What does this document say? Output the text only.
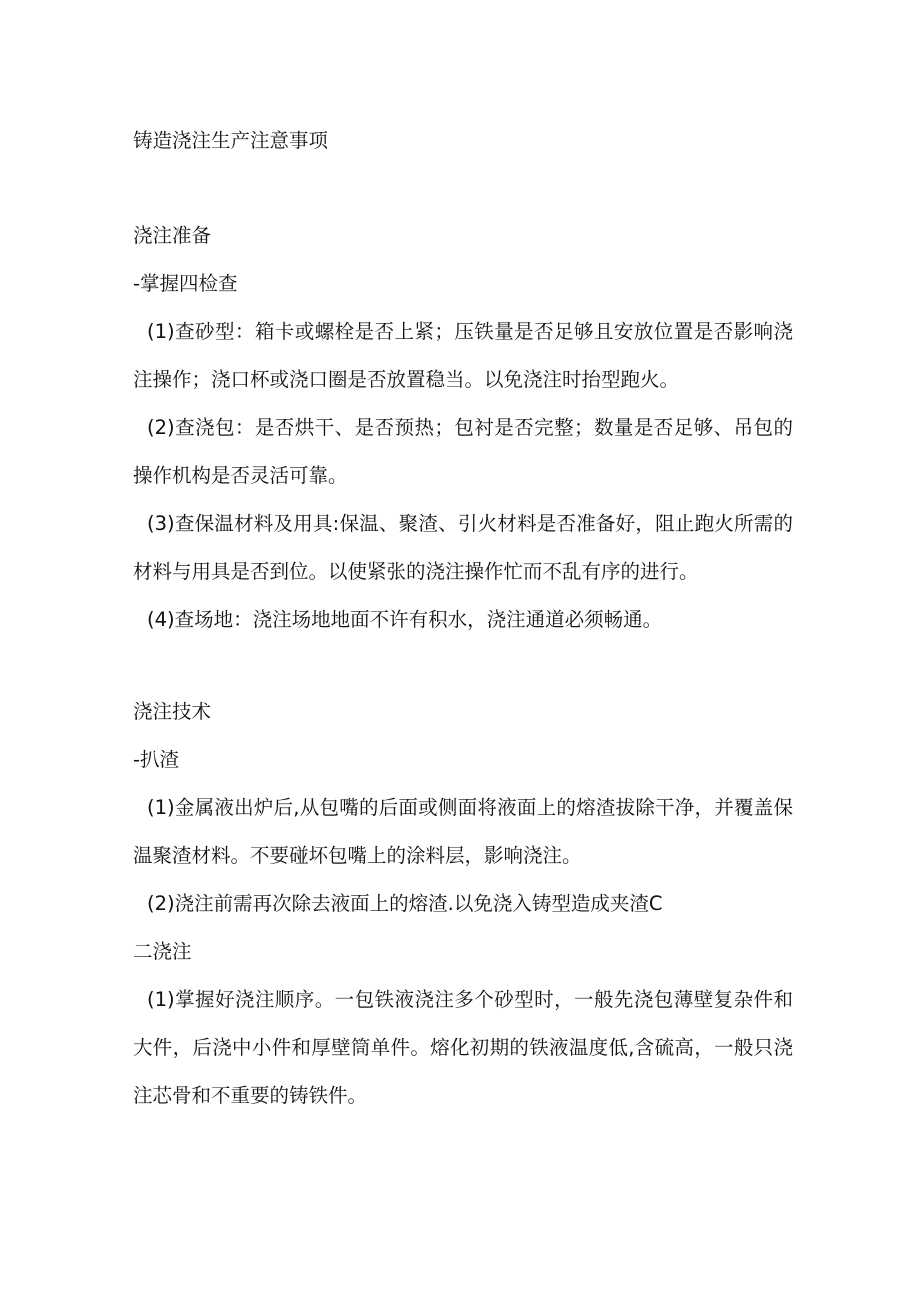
铸造浇注生产注意事项

浇注准备

-掌握四检查

(1)查砂型：箱卡或螺栓是否上紧；压铁量是否足够且安放位置是否影响浇注操作；浇口杯或浇口圈是否放置稳当。以免浇注时抬型跑火。

(2)查浇包：是否烘干、是否预热；包衬是否完整；数量是否足够、吊包的操作机构是否灵活可靠。

(3)查保温材料及用具:保温、聚渣、引火材料是否准备好，阻止跑火所需的材料与用具是否到位。以使紧张的浇注操作忙而不乱有序的进行。

(4)查场地：浇注场地地面不许有积水，浇注通道必须畅通。

浇注技术

-扒渣

(1)金属液出炉后,从包嘴的后面或侧面将液面上的熔渣拔除干净，并覆盖保温聚渣材料。不要碰坏包嘴上的涂料层，影响浇注。

(2)浇注前需再次除去液面上的熔渣.以免浇入铸型造成夹渣C

二浇注

(1)掌握好浇注顺序。一包铁液浇注多个砂型时，一般先浇包薄壁复杂件和大件，后浇中小件和厚壁筒单件。熔化初期的铁液温度低,含硫高，一般只浇注芯骨和不重要的铸铁件。
